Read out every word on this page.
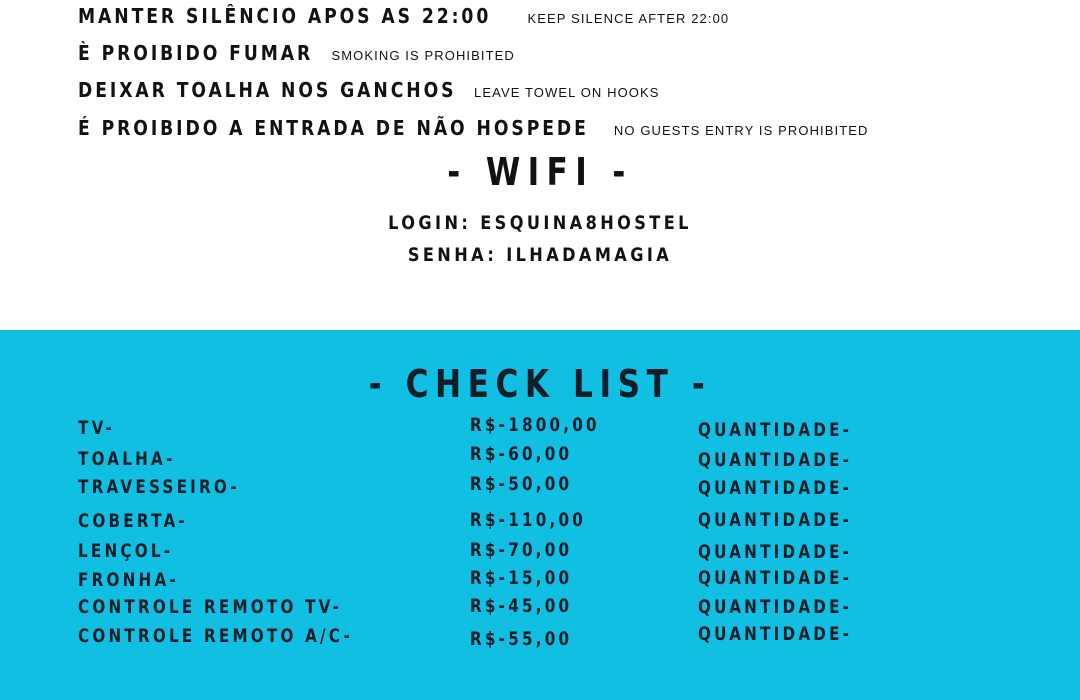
MANTER SILÊNCIO APOS AS 22:00	KEEP SILENCE AFTER 22:00
È PROIBIDO FUMAR SMOKING IS PROHIBITED
DEIXAR TOALHA NOS GANCHOS LEAVE TOWEL ON HOOKS
É PROIBIDO A ENTRADA DE NÃO HOSPEDE NO GUESTS ENTRY IS PROHIBITED
- WIFI -
LOGIN: ESQUINA8HOSTEL
SENHA: ILHADAMAGIA
- CHECK LIST -
TV-	R$-1800,00	QUANTIDADE-
TOALHA-	R$-60,00	QUANTIDADE-
TRAVESSEIRO-	R$-50,00	QUANTIDADE-
COBERTA-	R$-110,00	QUANTIDADE-
LENÇOL-	R$-70,00	QUANTIDADE-
FRONHA-	R$-15,00	QUANTIDADE-
CONTROLE REMOTO TV-	R$-45,00	QUANTIDADE-
CONTROLE REMOTO A/C-	R$-55,00	QUANTIDADE-
